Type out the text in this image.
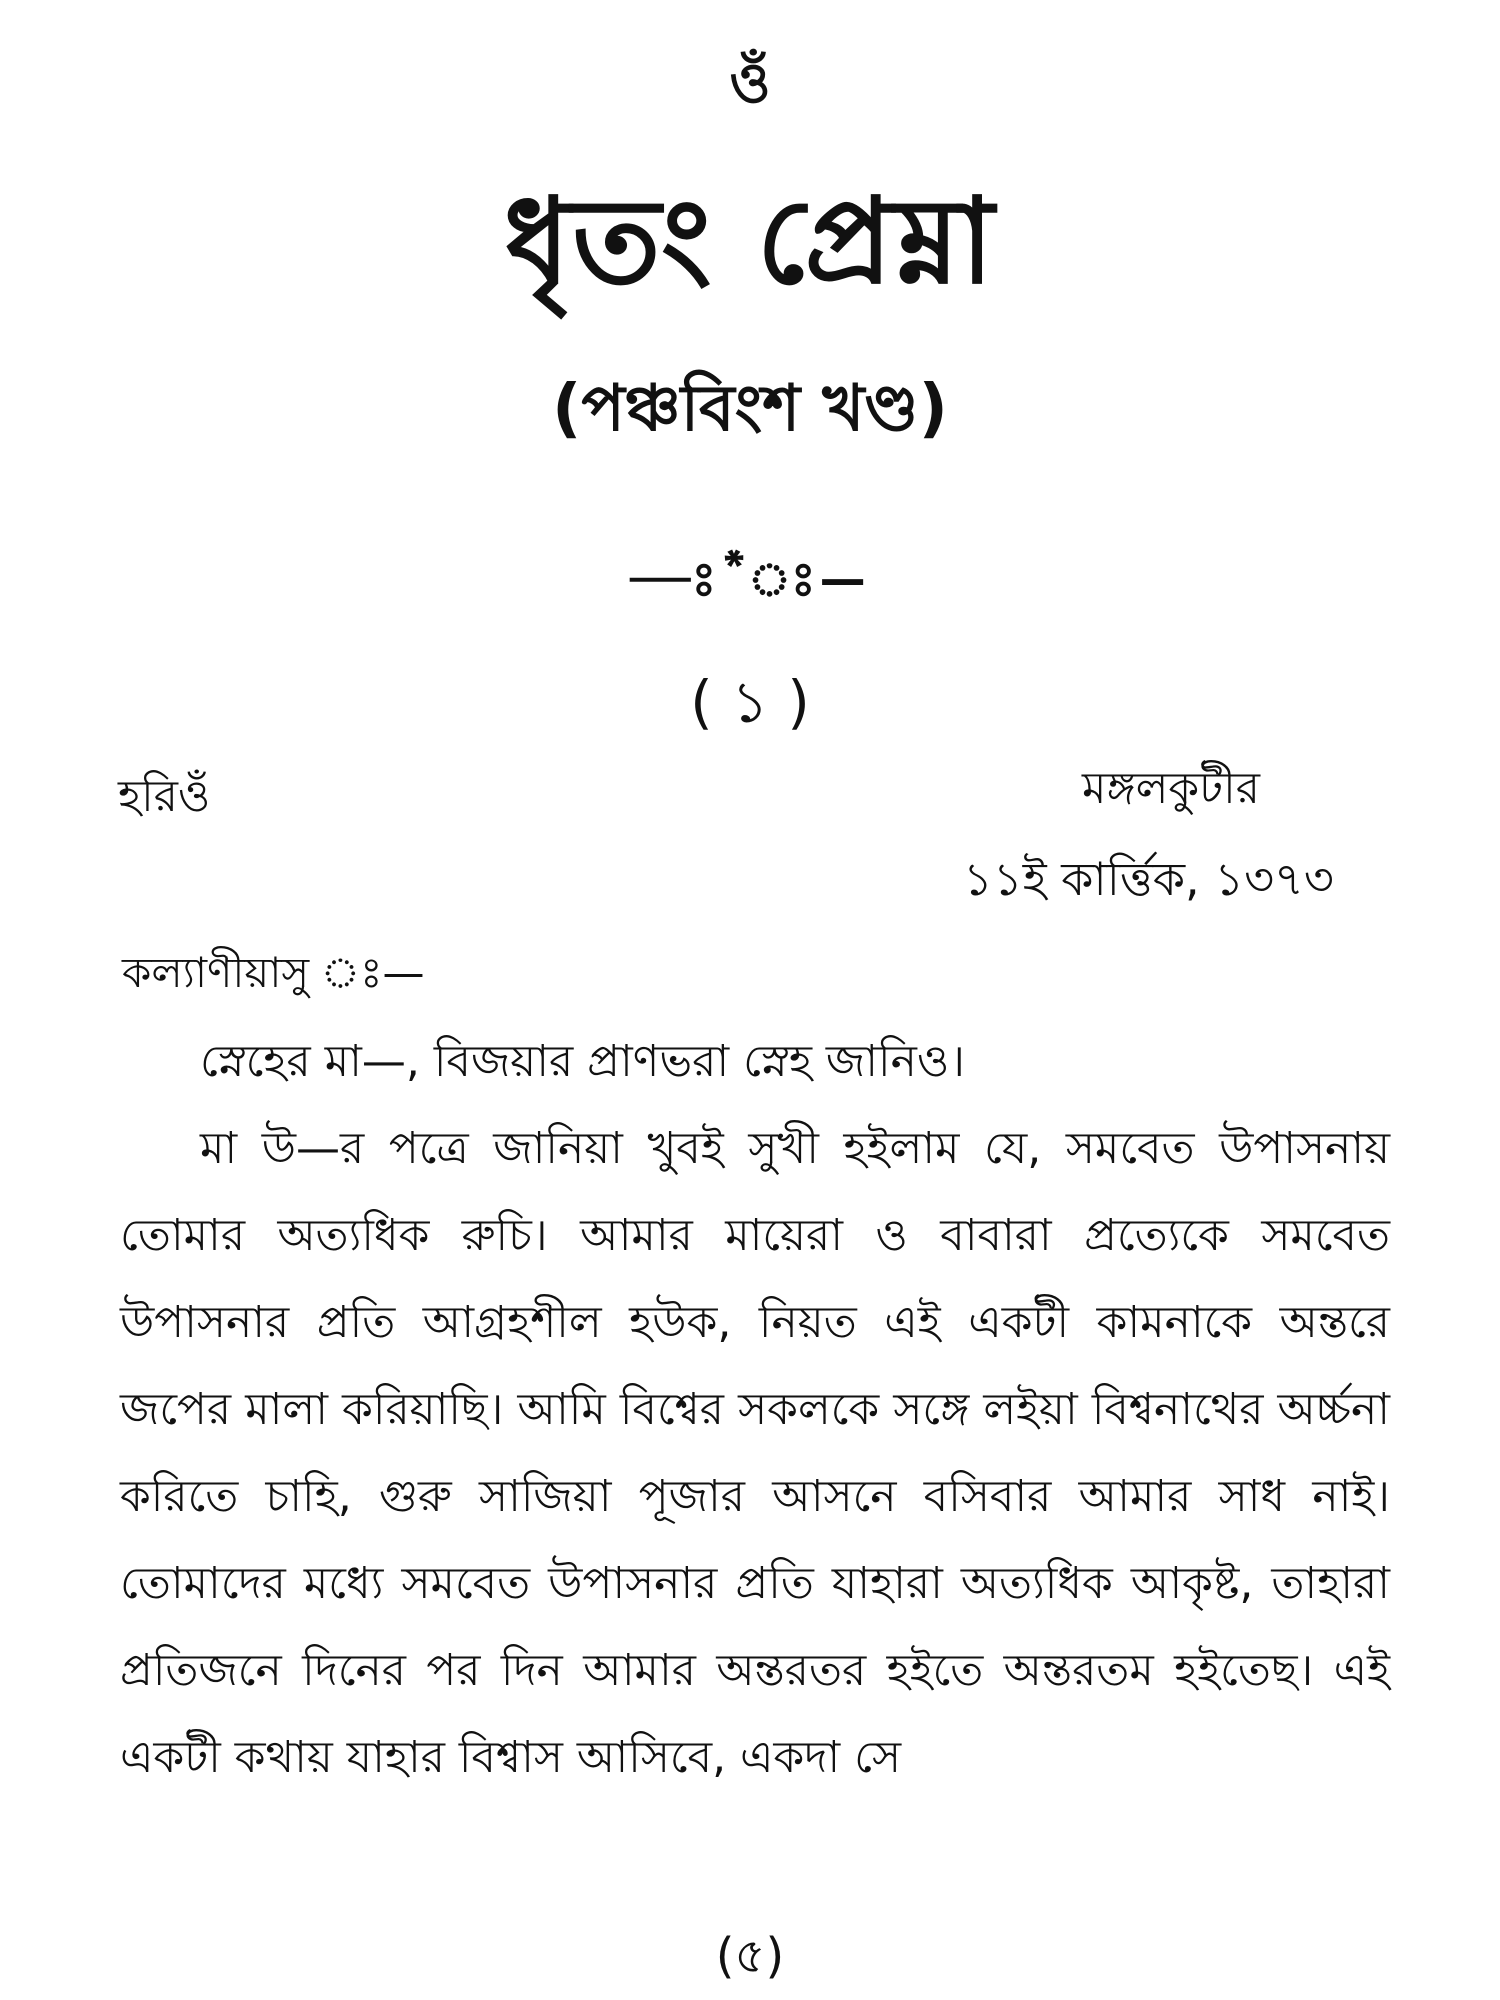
ওঁ
ধৃতং প্রেম্না
(পঞ্চবিংশ খণ্ড)
—ঃ*ঃ—
( ১ )
হরিওঁ	মঙ্গলকুটীর
১১ই কার্ত্তিক, ১৩৭৩
কল্যাণীয়াসু ঃ—

স্নেহের মা—, বিজয়ার প্রাণভরা স্নেহ জানিও।

মা উ—র পত্রে জানিয়া খুবই সুখী হইলাম যে, সমবেত উপাসনায় তোমার অত্যধিক রুচি। আমার মায়েরা ও বাবারা প্রত্যেকে সমবেত উপাসনার প্রতি আগ্রহশীল হউক, নিয়ত এই একটী কামনাকে অন্তরে জপের মালা করিয়াছি। আমি বিশ্বের সকলকে সঙ্গে লইয়া বিশ্বনাথের অর্চ্চনা করিতে চাহি, গুরু সাজিয়া পূজার আসনে বসিবার আমার সাধ নাই। তোমাদের মধ্যে সমবেত উপাসনার প্রতি যাহারা অত্যধিক আকৃষ্ট, তাহারা প্রতিজনে দিনের পর দিন আমার অন্তরতর হইতে অন্তরতম হইতেছ। এই একটী কথায় যাহার বিশ্বাস আসিবে, একদা সে

(৫)
